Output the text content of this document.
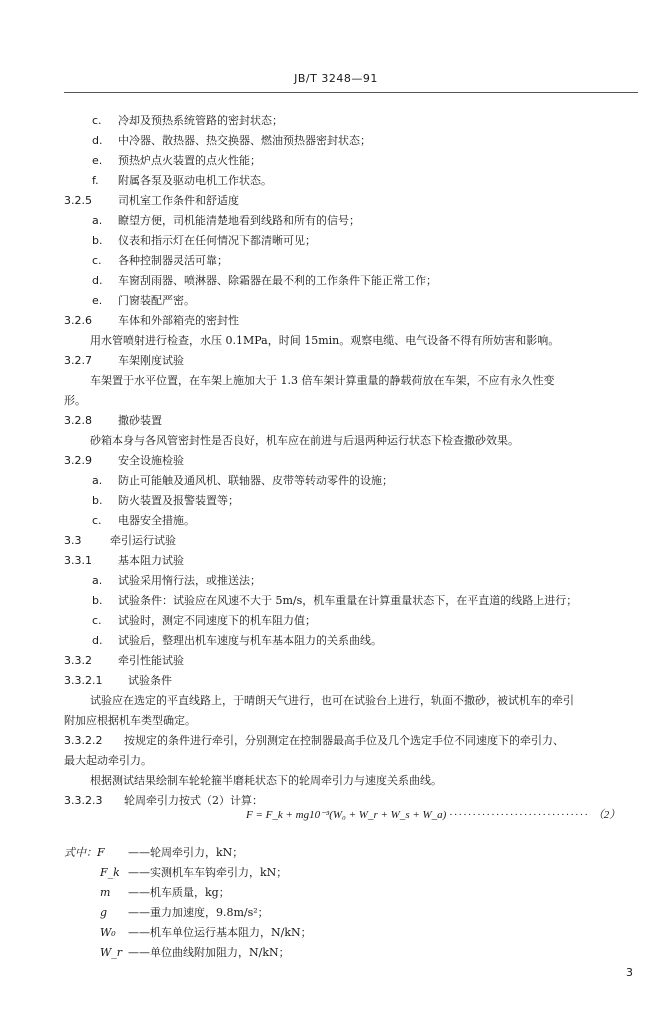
JB/T 3248—91
c. 冷却及预热系统管路的密封状态；
d. 中冷器、散热器、热交换器、燃油预热器密封状态；
e. 预热炉点火装置的点火性能；
f. 附属各泵及驱动电机工作状态。
3.2.5 司机室工作条件和舒适度
a. 瞭望方便，司机能清楚地看到线路和所有的信号；
b. 仪表和指示灯在任何情况下都清晰可见；
c. 各种控制器灵活可靠；
d. 车窗刮雨器、喷淋器、除霜器在最不利的工作条件下能正常工作；
e. 门窗装配严密。
3.2.6 车体和外部箱壳的密封性
用水管喷射进行检查，水压 0.1MPa，时间 15min。观察电缆、电气设备不得有所妨害和影响。
3.2.7 车架刚度试验
车架置于水平位置，在车架上施加大于 1.3 倍车架计算重量的静载荷放在车架，不应有永久性变
形。
3.2.8 撒砂装置
砂箱本身与各风管密封性是否良好，机车应在前进与后退两种运行状态下检查撒砂效果。
3.2.9 安全设施检验
a. 防止可能触及通风机、联轴器、皮带等转动零件的设施；
b. 防火装置及报警装置等；
c. 电器安全措施。
3.3	牵引运行试验
3.3.1 基本阻力试验
a. 试验采用惰行法，或推送法；
b. 试验条件：试验应在风速不大于 5m/s，机车重量在计算重量状态下，在平直道的线路上进行；
c. 试验时，测定不同速度下的机车阻力值；
d. 试验后，整理出机车速度与机车基本阻力的关系曲线。
3.3.2 牵引性能试验
3.3.2.1 试验条件
试验应在选定的平直线路上，于晴朗天气进行，也可在试验台上进行，轨面不撒砂，被试机车的牵引
附加应根据机车类型确定。
3.3.2.2 按规定的条件进行牵引，分别测定在控制器最高手位及几个选定手位不同速度下的牵引力、
最大起动牵引力。
根据测试结果绘制车轮轮箍半磨耗状态下的轮周牵引力与速度关系曲线。
3.3.2.3 轮周牵引力按式（2）计算：
F = F_k + mg10⁻³(W₀ + W_r + W_s + W_a) ······························ （2）
式中：F ——轮周牵引力，kN；
F_k ——实测机车车钩牵引力，kN；
m ——机车质量，kg；
g ——重力加速度，9.8m/s²；
W₀ ——机车单位运行基本阻力，N/kN；
W_r ——单位曲线附加阻力，N/kN；
3
